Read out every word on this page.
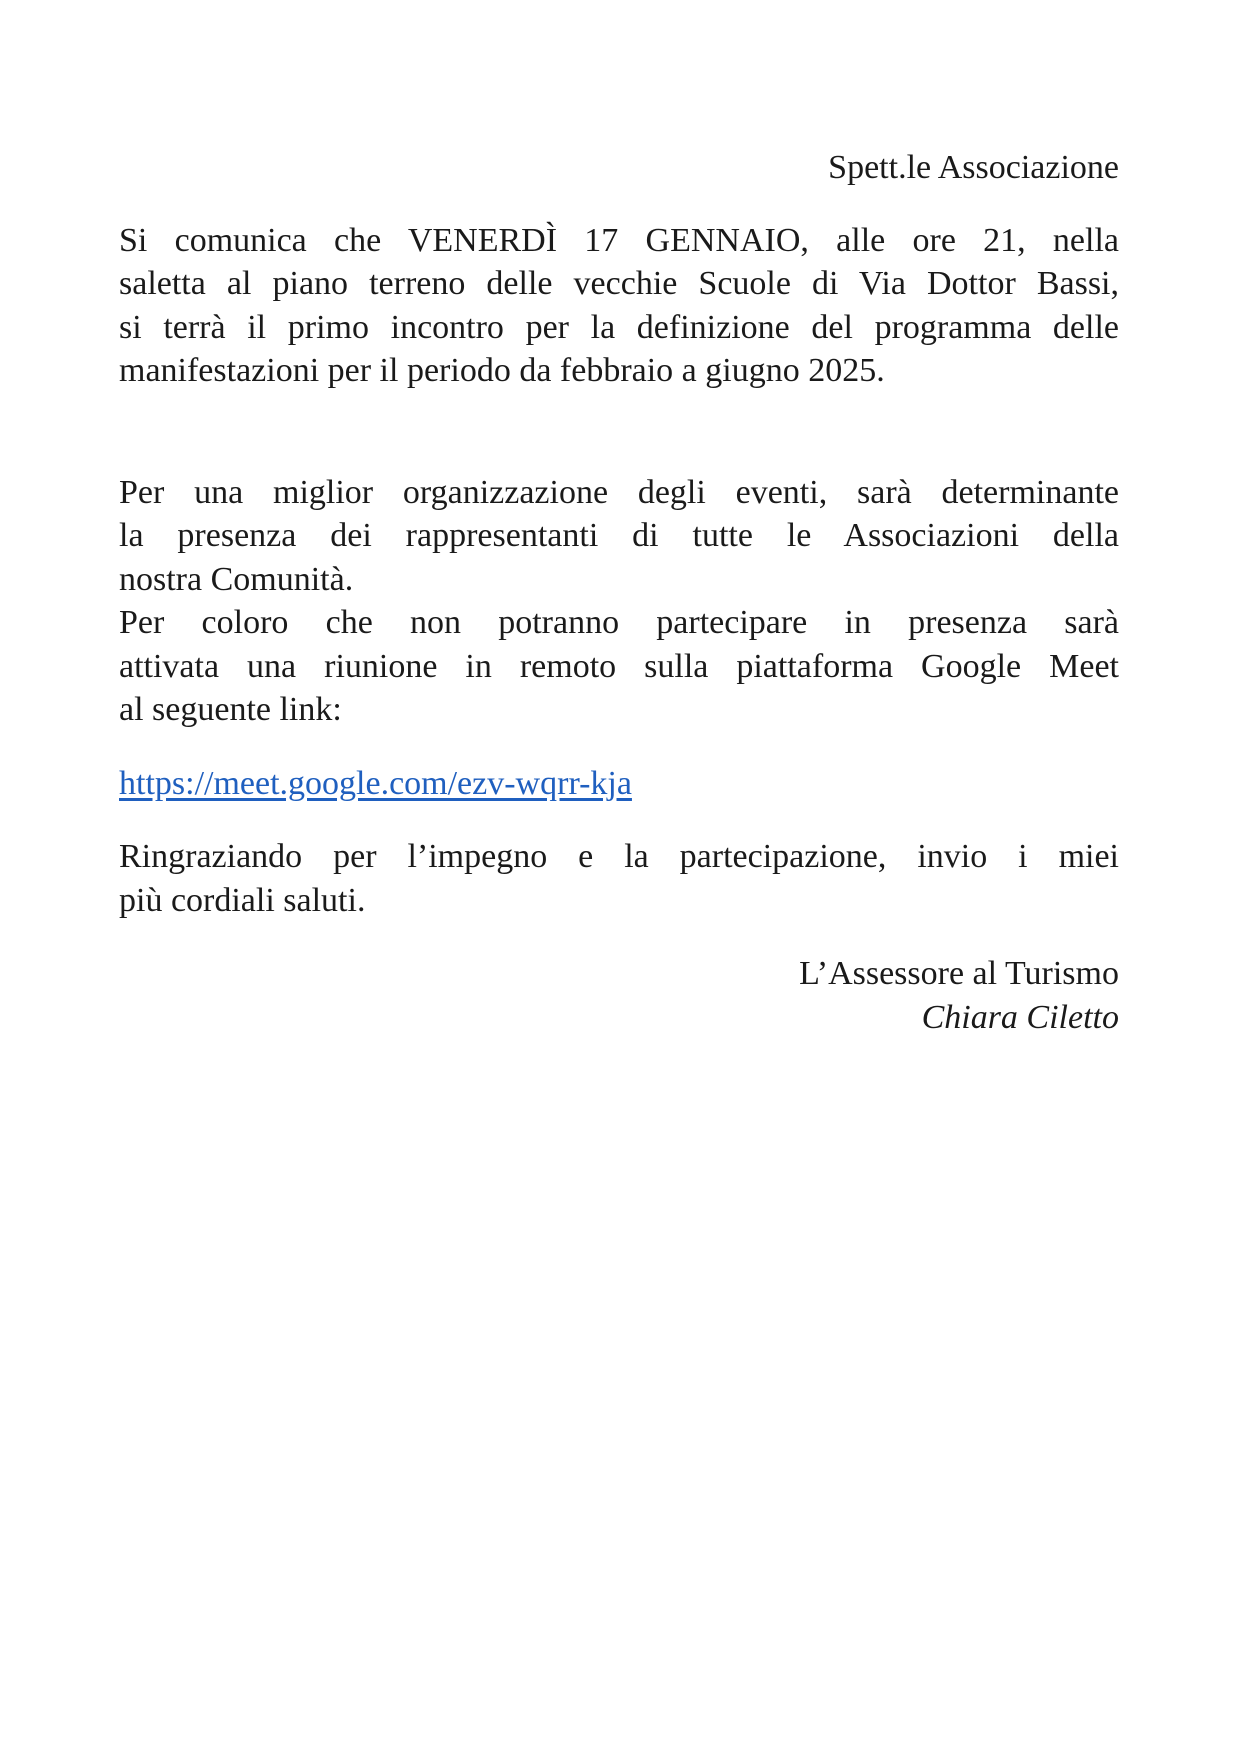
Spett.le Associazione

Si comunica che VENERDÌ 17 GENNAIO, alle ore 21, nella
saletta al piano terreno delle vecchie Scuole di Via Dottor Bassi,
si terrà il primo incontro per la definizione del programma delle
manifestazioni per il periodo da febbraio a giugno 2025.

Per una miglior organizzazione degli eventi, sarà determinante
la presenza dei rappresentanti di tutte le Associazioni della
nostra Comunità.

Per coloro che non potranno partecipare in presenza sarà
attivata una riunione in remoto sulla piattaforma Google Meet
al seguente link:

https://meet.google.com/ezv-wqrr-kja

Ringraziando per l’impegno e la partecipazione, invio i miei
più cordiali saluti.

L’Assessore al Turismo
Chiara Ciletto
